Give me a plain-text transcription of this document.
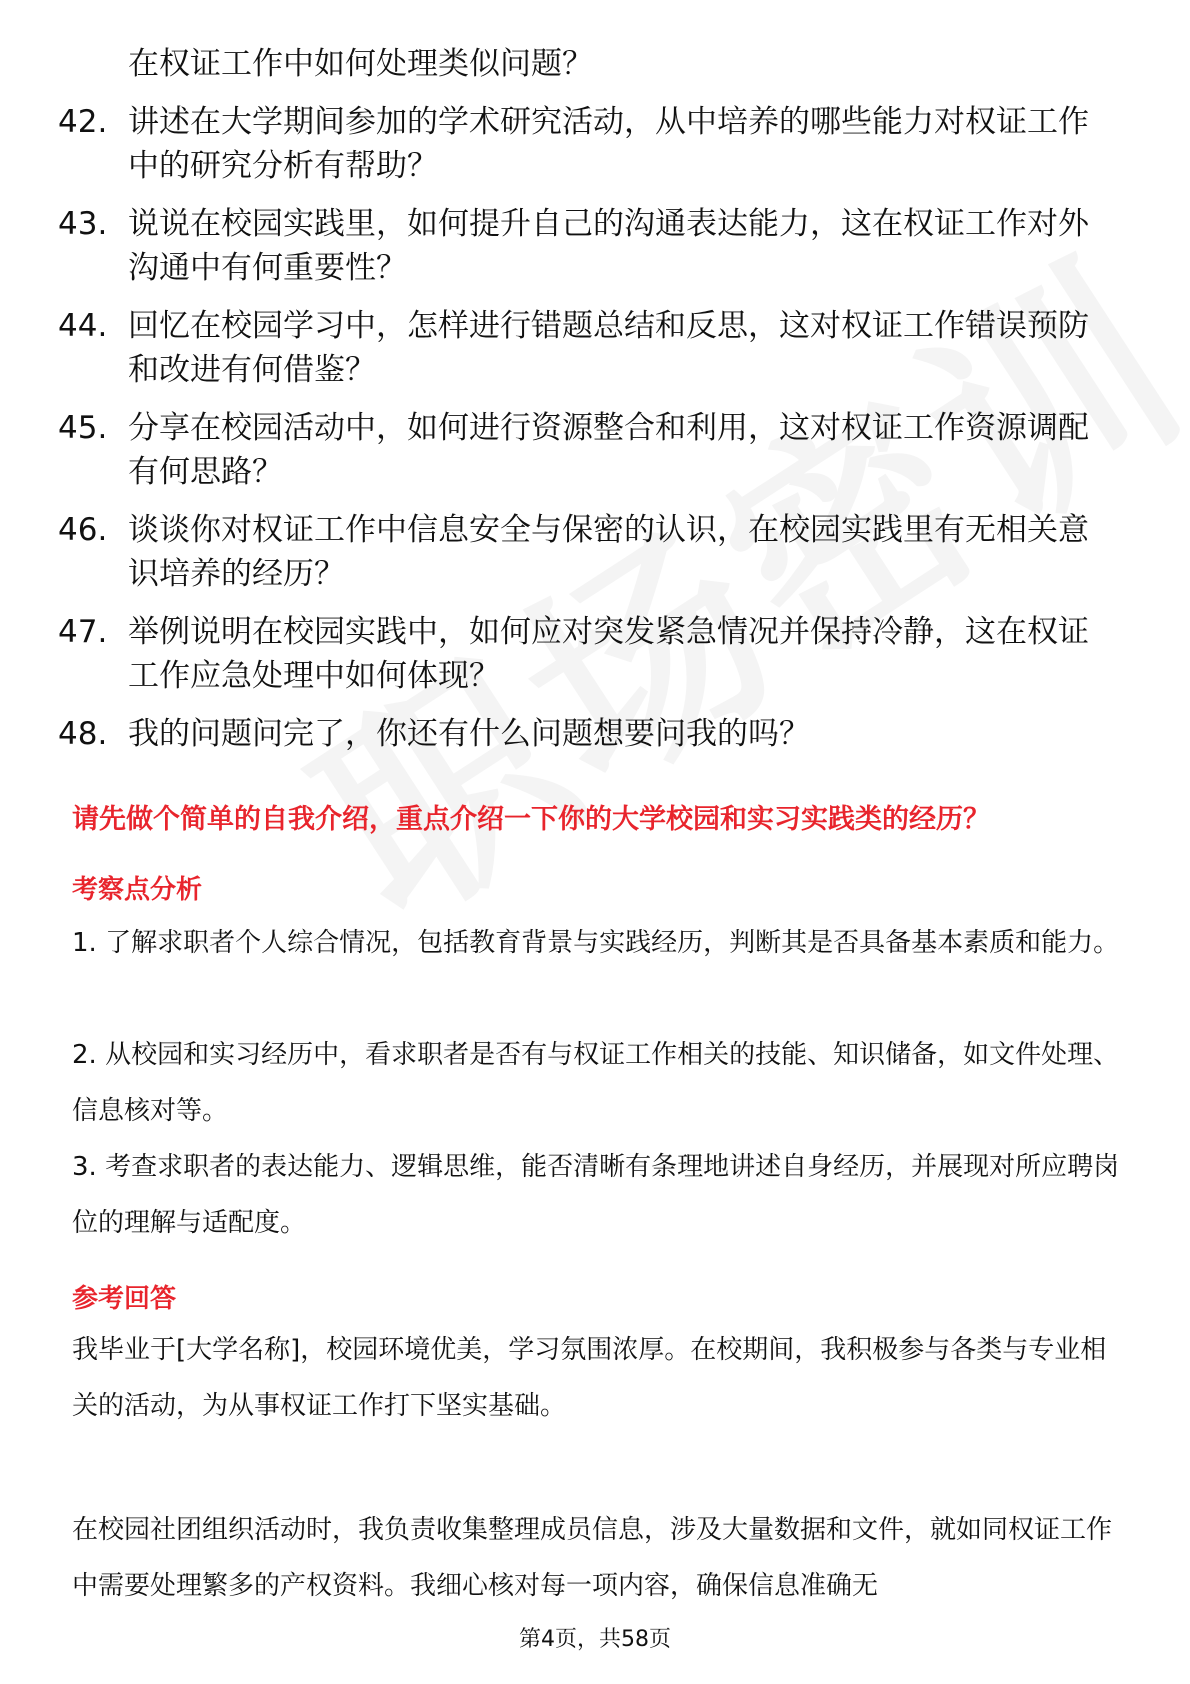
在权证工作中如何处理类似问题？
42. 讲述在大学期间参加的学术研究活动，从中培养的哪些能力对权证工作中的研究分析有帮助？
43. 说说在校园实践里，如何提升自己的沟通表达能力，这在权证工作对外沟通中有何重要性？
44. 回忆在校园学习中，怎样进行错题总结和反思，这对权证工作错误预防和改进有何借鉴？
45. 分享在校园活动中，如何进行资源整合和利用，这对权证工作资源调配有何思路？
46. 谈谈你对权证工作中信息安全与保密的认识，在校园实践里有无相关意识培养的经历？
47. 举例说明在校园实践中，如何应对突发紧急情况并保持冷静，这在权证工作应急处理中如何体现？
48. 我的问题问完了，你还有什么问题想要问我的吗？
请先做个简单的自我介绍，重点介绍一下你的大学校园和实习实践类的经历？
考察点分析
1. 了解求职者个人综合情况，包括教育背景与实践经历，判断其是否具备基本素质和能力。
2. 从校园和实习经历中，看求职者是否有与权证工作相关的技能、知识储备，如文件处理、信息核对等。
3. 考查求职者的表达能力、逻辑思维，能否清晰有条理地讲述自身经历，并展现对所应聘岗位的理解与适配度。
参考回答
我毕业于[大学名称]，校园环境优美，学习氛围浓厚。在校期间，我积极参与各类与专业相关的活动，为从事权证工作打下坚实基础。
在校园社团组织活动时，我负责收集整理成员信息，涉及大量数据和文件，就如同权证工作中需要处理繁多的产权资料。我细心核对每一项内容，确保信息准确无
第4页，共58页
